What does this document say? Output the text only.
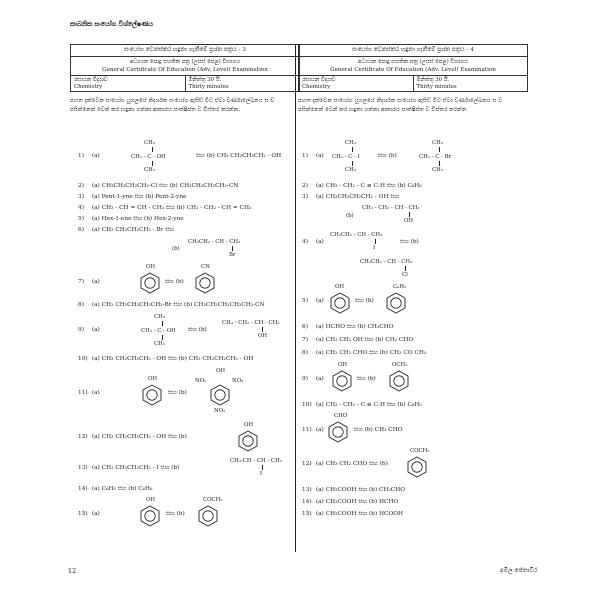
කාබනික සංයෝග විශ්ලේෂණය
සංයෝග වෙනස්කර හඳුනා ගැනීමේ ප්‍රශ්න පත්‍රය - 3
අධ්‍යයන පොදු සහතික පත්‍ර (උසස් පෙළ) විභාගය
General Certificate Of Education (Adv. Level) Examination
රසායන විද්‍යාව
Chemistry
මිනිත්තු 30 යි.
Thirty minutes
පහත දැක්වෙන සංයෝග යුගලයේ නිදර්ශක සංයෝග ඇසිඩ් විට ඒවා වර්ණාලේඛනය ස ව පසින්නෙන් වෙන් කර හඳුනා ගන්නා ආකාරය සංක්ෂිප්ත ව විස්තර කරන්න.
සංයෝග වෙනස්කර හඳුනා ගැනීමේ ප්‍රශ්න පත්‍රය - 4
අධ්‍යයන පොදු සහතික පත්‍ර (උසස් පෙළ) විභාගය
General Certificate Of Education (Adv. Level) Examination
රසායන විද්‍යාව
Chemistry
මිනිත්තු 30 යි.
Thirty minutes
පහත දැක්වෙන සංයෝග යුගලයේ නිදර්ශක සංයෝග ඇසිඩ් විට ඒවා වර්ණාලේඛනය ස ව පසින්නෙන් වෙන් කර හඳුනා ගන්නා ආකාරය සංක්ෂිප්ත ව විස්තර කරන්න.
1) (a)
CH₃
CH₃ - C - OH
CH₃
සහ (b) CH₃ CH₂CH₂CH₂ - OH
2) (a) CH₃CH₂CH₂CH₂-Cl සහ (b) CH₃CH₂CH₂CH₂-CN
3) (a) Pent-1-yne සහ (b) Pent-2-yne
4) (a) CH₃ - CH = CH - CH₃ සහ (b) CH₂ - CH₂ - CH = CH₂
5) (a) Hex-1-ene සහ (b) Hex-2-yne
6) (a) CH₃ CH₂CH₂CH₂ - Br සහ
(b)
CH₃CH₂ - CH - CH₃
Br
7) (a)
OH
සහ (b)
CN
8) (a) CH₃ CH₂CH₂CH₂CH₂-Br සහ (b) CH₃CH₂CH₂CH₂CH₂-CN
9) (a)
CH₃
CH₃ - C - OH
CH₃
සහ (b)
CH₃ - CH₂ - CH - CH₃
OH
10) (a) CH₃ CH₂CH₂CH₂ - OH සහ (b) CH₃ CH₂CH₂CH₂ - OH
11) (a)
OH
සහ (b)
OH
NO₂	NO₂
NO₂
12) (a) CH₃ CH₂CH₂CH₂ - OH සහ (b)
OH
13) (a) CH₃ CH₂CH₂CH₂ - I සහ (b)
CH₃-CH - CH - CH₃
I
14) (a) C₆H₅ සහ (b) C₆H₆
15) (a)
OH
සහ (b)
COCH₃
1) (a)
CH₃
CH₃ - C - I
CH₃
සහ (b)
CH₃
CH₃ - C - Br
CH₃
2) (a) CH₃ - CH₂ - C ≡ C-H සහ (b) C₆H₆
3) (a) CH₃CH₂CH₂CH₂ - OH සහ
(b)
CH₃ - CH₂ - CH - CH₃
OH
4) (a)
CH₃CH₂ - CH - CH₃
I
සහ (b)
CH₃CH₂ - CH - CH₃
Cl
5) (a)
OH
සහ (b)
C₆H₅
6) (a) HCHO සහ (b) CH₃CHO
7) (a) CH₃ CH₂ OH සහ (b) CH₃ CHO
8) (a) CH₃ CH₂ CHO සහ (b) CH₃ CO CH₃
9) (a)
OH
සහ (b)
OCH₃
10) (a) CH₃ - CH₂ - C ≡ C-H සහ (b) C₆H₅
11) (a)
CHO
සහ (b) CH₃ CHO
12) (a) CH₃ CH₂ CHO සහ (b)
COCH₃
13) (a) CH₃COOH සහ (b) CH₃CHO
14) (a) CH₃COOH සහ (b) HCHO
15) (a) CH₃COOH සහ (b) HCOOH
12	අමිල ජේතාවිර
